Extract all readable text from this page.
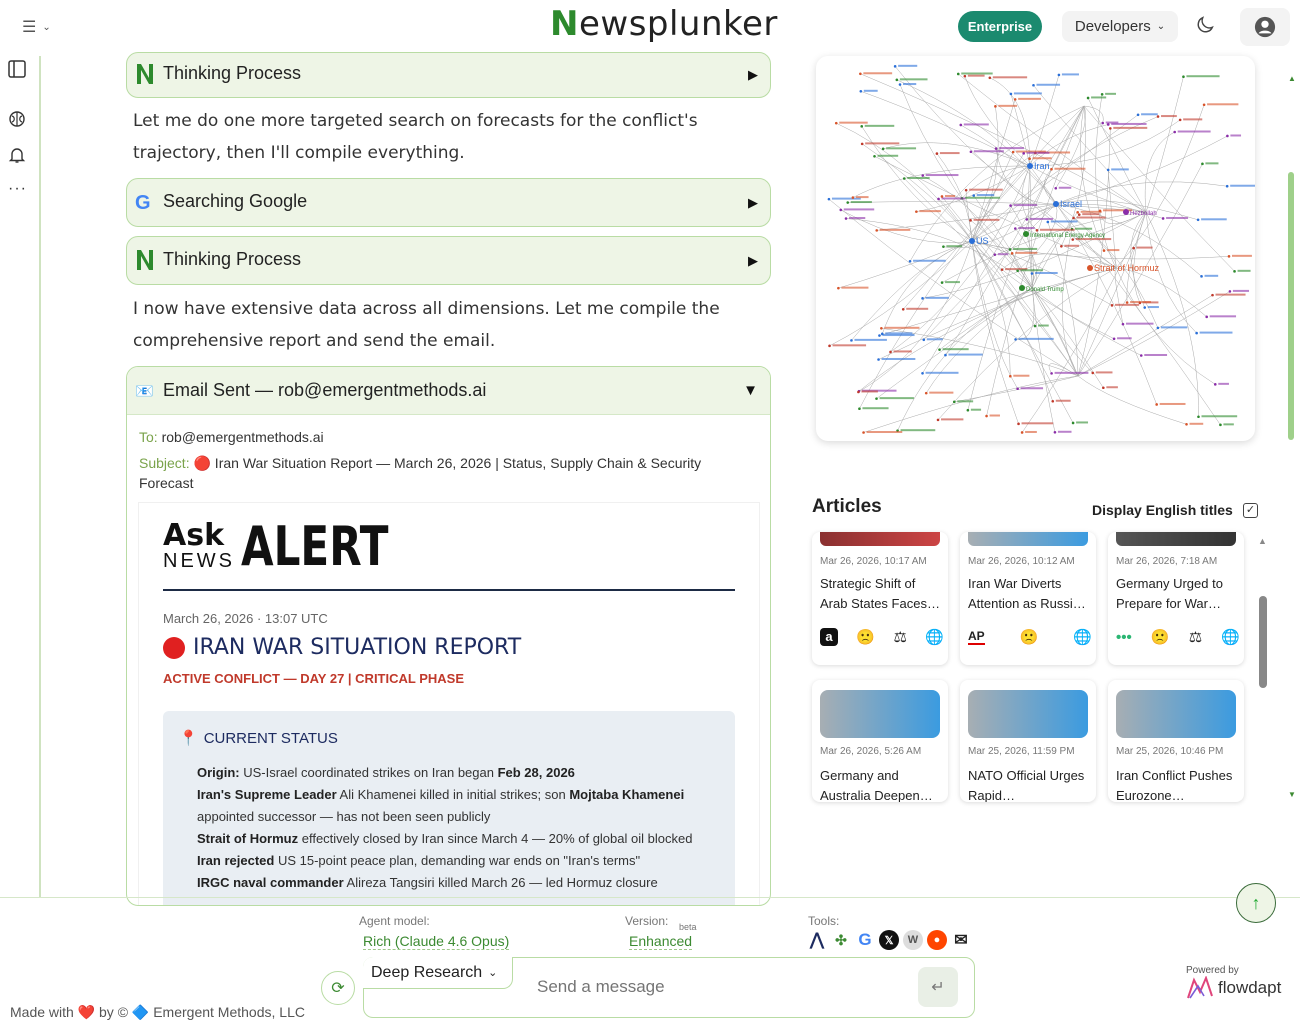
☰ ⌄	Newsplunker	Enterprise	Developers ⌄
···
Thinking Process	▶
Let me do one more targeted search on forecasts for the conflict's trajectory, then I'll compile everything.
G Searching Google	▶
Thinking Process	▶
I now have extensive data across all dimensions. Let me compile the comprehensive report and send the email.
📧 Email Sent — rob@emergentmethods.ai	▼
To: rob@emergentmethods.ai
Subject: 🔴 Iran War Situation Report — March 26, 2026 | Status, Supply Chain & Security Forecast
Ask
NEWS ALERT
March 26, 2026 · 13:07 UTC
IRAN WAR SITUATION REPORT
ACTIVE CONFLICT — DAY 27 | CRITICAL PHASE
📍 CURRENT STATUS
Origin: US-Israel coordinated strikes on Iran began Feb 28, 2026
Iran's Supreme Leader Ali Khamenei killed in initial strikes; son Mojtaba Khamenei
appointed successor — has not been seen publicly
Strait of Hormuz effectively closed by Iran since March 4 — 20% of global oil blocked
Iran rejected US 15-point peace plan, demanding war ends on "Iran's terms"
IRGC naval commander Alireza Tangsiri killed March 26 — led Hormuz closure
Iran
Israel
US
Strait of Hormuz
Donald Trump
Hezbollah
International Energy Agency
Articles	Display English titles ✓
▲
▲
▼
Mar 26, 2026, 10:17 AM
Strategic Shift of Arab States Faces…
a	🙁 ⚖ 🌐
Mar 26, 2026, 10:12 AM
Iran War Diverts Attention as Russi…
AP 🙁 🌐
Mar 26, 2026, 7:18 AM
Germany Urged to Prepare for War…
••• 🙁 ⚖ 🌐
Mar 26, 2026, 5:26 AM
Germany and Australia Deepen…
Mar 25, 2026, 11:59 PM
NATO Official Urges Rapid…
Mar 25, 2026, 10:46 PM
Iran Conflict Pushes Eurozone…
↑
Agent model:
Rich (Claude 4.6 Opus)
Version: beta
Enhanced
Tools:
⋀ ✣ G	𝕏	W	● ✉
⟳
Deep Research ⌄
Send a message
↵
Made with ❤️ by © 🔷 Emergent Methods, LLC
Powered by
flowdapt
